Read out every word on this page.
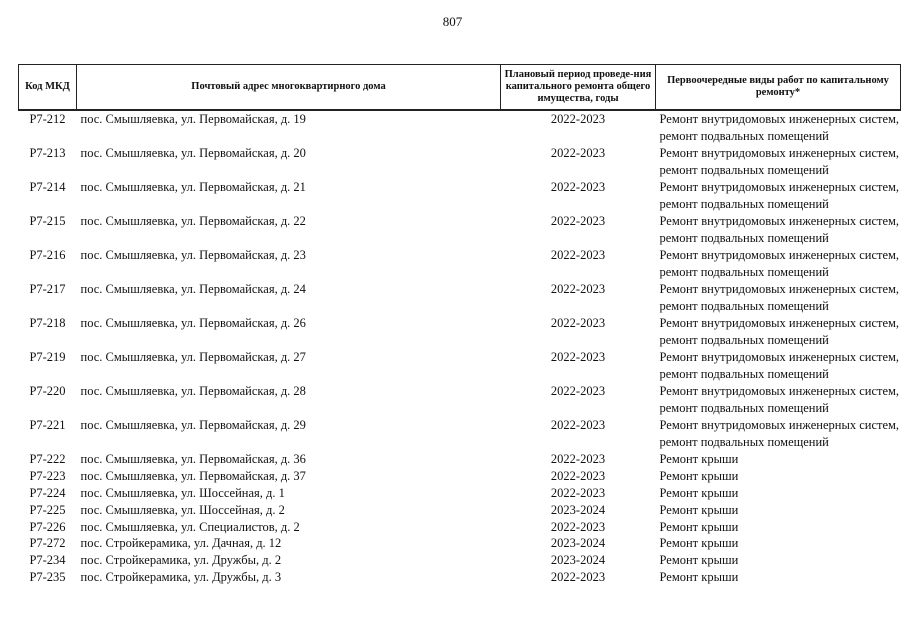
807
Код МКД	Почтовый адрес многоквартирного дома	Плановый период проведе-ния капитального ремонта общего имущества, годы	Первоочередные виды работ по капитальному ремонту*
Р7-212	пос. Смышляевка, ул. Первомайская, д. 19	2022-2023	Ремонт внутридомовых инженерных систем,
ремонт подвальных помещений

Р7-213	пос. Смышляевка, ул. Первомайская, д. 20	2022-2023	Ремонт внутридомовых инженерных систем,
ремонт подвальных помещений

Р7-214	пос. Смышляевка, ул. Первомайская, д. 21	2022-2023	Ремонт внутридомовых инженерных систем,
ремонт подвальных помещений

Р7-215	пос. Смышляевка, ул. Первомайская, д. 22	2022-2023	Ремонт внутридомовых инженерных систем,
ремонт подвальных помещений

Р7-216	пос. Смышляевка, ул. Первомайская, д. 23	2022-2023	Ремонт внутридомовых инженерных систем,
ремонт подвальных помещений

Р7-217	пос. Смышляевка, ул. Первомайская, д. 24	2022-2023	Ремонт внутридомовых инженерных систем,
ремонт подвальных помещений

Р7-218	пос. Смышляевка, ул. Первомайская, д. 26	2022-2023	Ремонт внутридомовых инженерных систем,
ремонт подвальных помещений

Р7-219	пос. Смышляевка, ул. Первомайская, д. 27	2022-2023	Ремонт внутридомовых инженерных систем,
ремонт подвальных помещений

Р7-220	пос. Смышляевка, ул. Первомайская, д. 28	2022-2023	Ремонт внутридомовых инженерных систем,
ремонт подвальных помещений

Р7-221	пос. Смышляевка, ул. Первомайская, д. 29	2022-2023	Ремонт внутридомовых инженерных систем,
ремонт подвальных помещений

Р7-222	пос. Смышляевка, ул. Первомайская, д. 36	2022-2023	Ремонт крыши

Р7-223	пос. Смышляевка, ул. Первомайская, д. 37	2022-2023	Ремонт крыши

Р7-224	пос. Смышляевка, ул. Шоссейная, д. 1	2022-2023	Ремонт крыши

Р7-225	пос. Смышляевка, ул. Шоссейная, д. 2	2023-2024	Ремонт крыши

Р7-226	пос. Смышляевка, ул. Специалистов, д. 2	2022-2023	Ремонт крыши

Р7-272	пос. Стройкерамика, ул. Дачная, д. 12	2023-2024	Ремонт крыши

Р7-234	пос. Стройкерамика, ул. Дружбы, д. 2	2023-2024	Ремонт крыши

Р7-235	пос. Стройкерамика, ул. Дружбы, д. 3	2022-2023	Ремонт крыши
